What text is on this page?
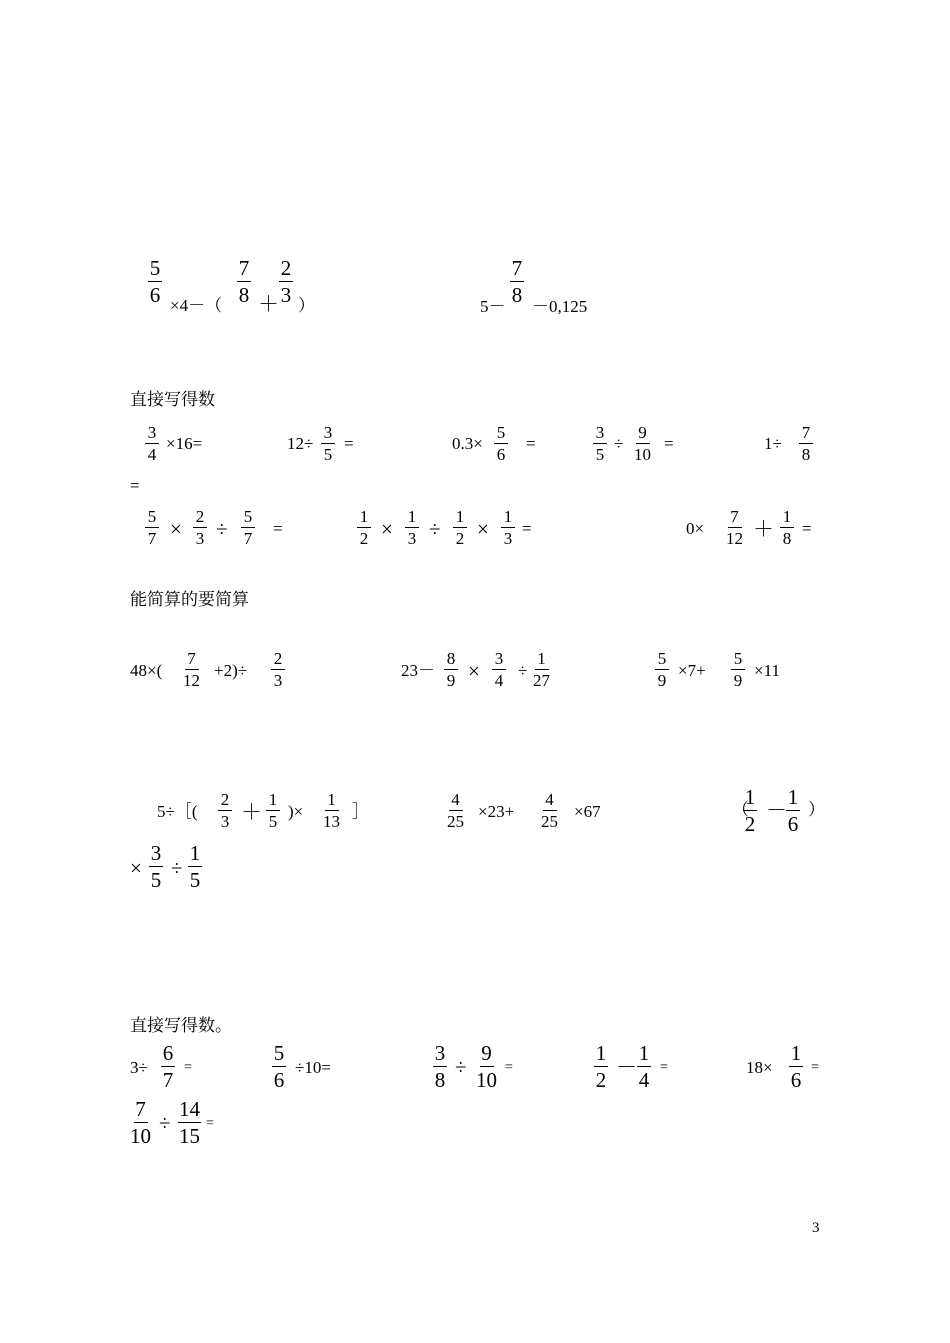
$\frac{5}{6} \times 4-( \frac{7}{8} + \frac{2}{3}$ ）	$5- \frac{7}{8} -0,125$
直接写得数
$\frac{3}{4} \times 16=$	$12\div \frac{3}{5}$ =	$0.3\times \frac{5}{6}$ =	$\frac{3}{5} \div \frac{9}{10}$ =	$1\div \frac{7}{8}$
=
$\frac{5}{7} \times \frac{2}{3} \div \frac{5}{7}$ =	$\frac{1}{2} \times \frac{1}{3} \div \frac{1}{2} \times \frac{1}{3}$ =	$0\times \frac{7}{12} + \frac{1}{8}$ =
能简算的要简算
$48\times( \frac{7}{12} +2)\div \frac{2}{3}$	$23- \frac{8}{9} \times \frac{3}{4} \div \frac{1}{27}$	$\frac{5}{9} \times 7+ \frac{5}{9} \times 11$
5÷［( $\frac{2}{3} + \frac{1}{5}$ )× $\frac{1}{13}$ ］	$\frac{4}{25} \times 23+ \frac{4}{25} \times 67$	（
$\frac{1}{2} - \frac{1}{6}$ ）
× $\frac{3}{5} \div \frac{1}{5}$
直接写得数。
$3\div \frac{6}{7}$ =	$\frac{5}{6} \div 10=$	$\frac{3}{8} \div \frac{9}{10}$ =	$\frac{1}{2} - \frac{1}{4}$ =	$18\times \frac{1}{6}$ =
$\frac{7}{10} \div \frac{14}{15}$ =
3
